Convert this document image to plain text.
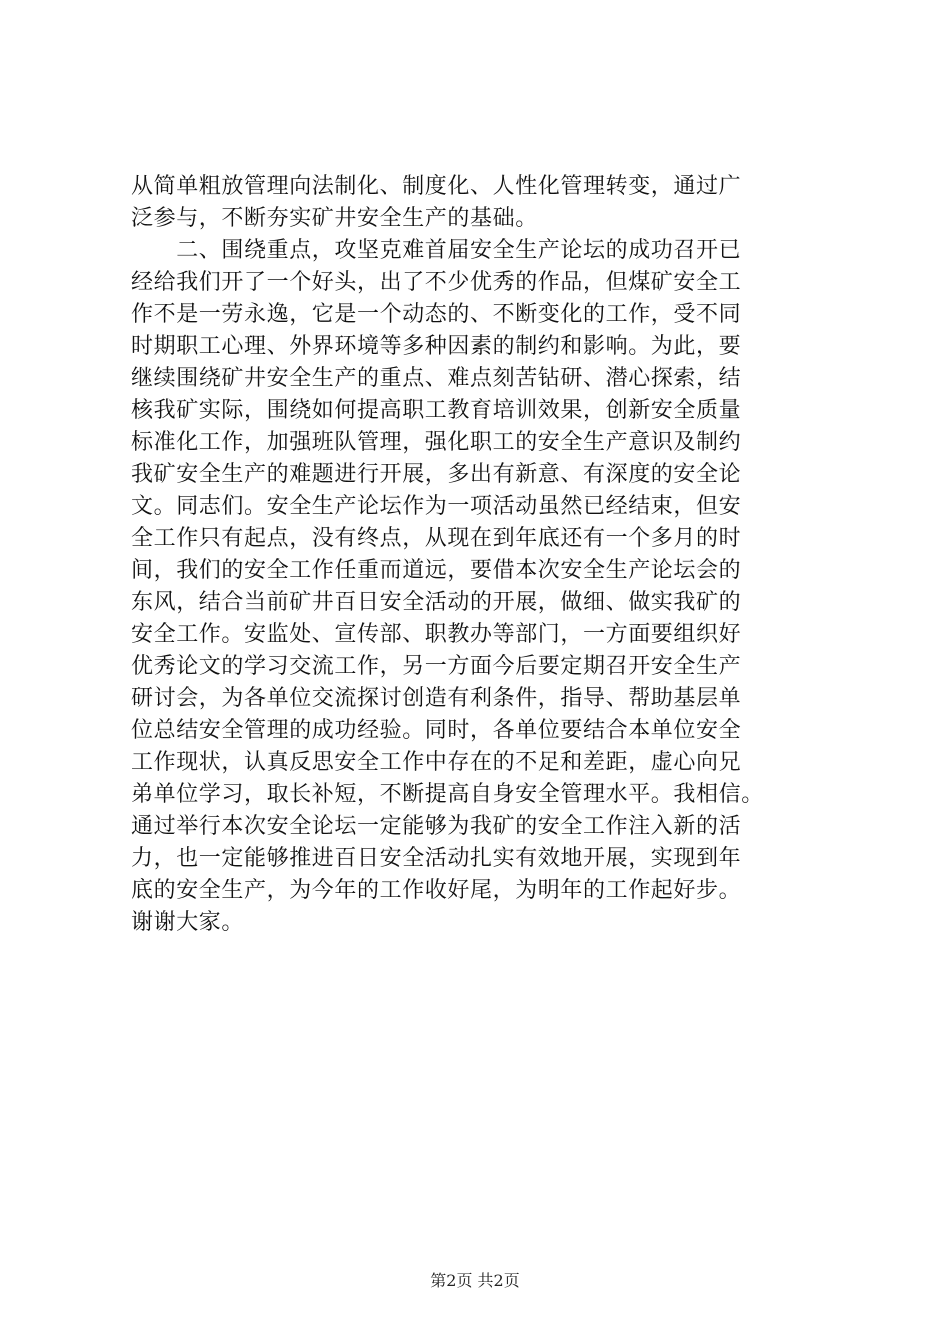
从简单粗放管理向法制化、制度化、人性化管理转变，通过广
泛参与，不断夯实矿井安全生产的基础。
　　二、围绕重点，攻坚克难首届安全生产论坛的成功召开已
经给我们开了一个好头，出了不少优秀的作品，但煤矿安全工
作不是一劳永逸，它是一个动态的、不断变化的工作，受不同
时期职工心理、外界环境等多种因素的制约和影响。为此，要
继续围绕矿井安全生产的重点、难点刻苦钻研、潜心探索，结
核我矿实际，围绕如何提高职工教育培训效果，创新安全质量
标准化工作，加强班队管理，强化职工的安全生产意识及制约
我矿安全生产的难题进行开展，多出有新意、有深度的安全论
文。同志们。安全生产论坛作为一项活动虽然已经结束，但安
全工作只有起点，没有终点，从现在到年底还有一个多月的时
间，我们的安全工作任重而道远，要借本次安全生产论坛会的
东风，结合当前矿井百日安全活动的开展，做细、做实我矿的
安全工作。安监处、宣传部、职教办等部门，一方面要组织好
优秀论文的学习交流工作，另一方面今后要定期召开安全生产
研讨会，为各单位交流探讨创造有利条件，指导、帮助基层单
位总结安全管理的成功经验。同时，各单位要结合本单位安全
工作现状，认真反思安全工作中存在的不足和差距，虚心向兄
弟单位学习，取长补短，不断提高自身安全管理水平。我相信。
通过举行本次安全论坛一定能够为我矿的安全工作注入新的活
力，也一定能够推进百日安全活动扎实有效地开展，实现到年
底的安全生产，为今年的工作收好尾，为明年的工作起好步。
谢谢大家。
第2页 共2页
